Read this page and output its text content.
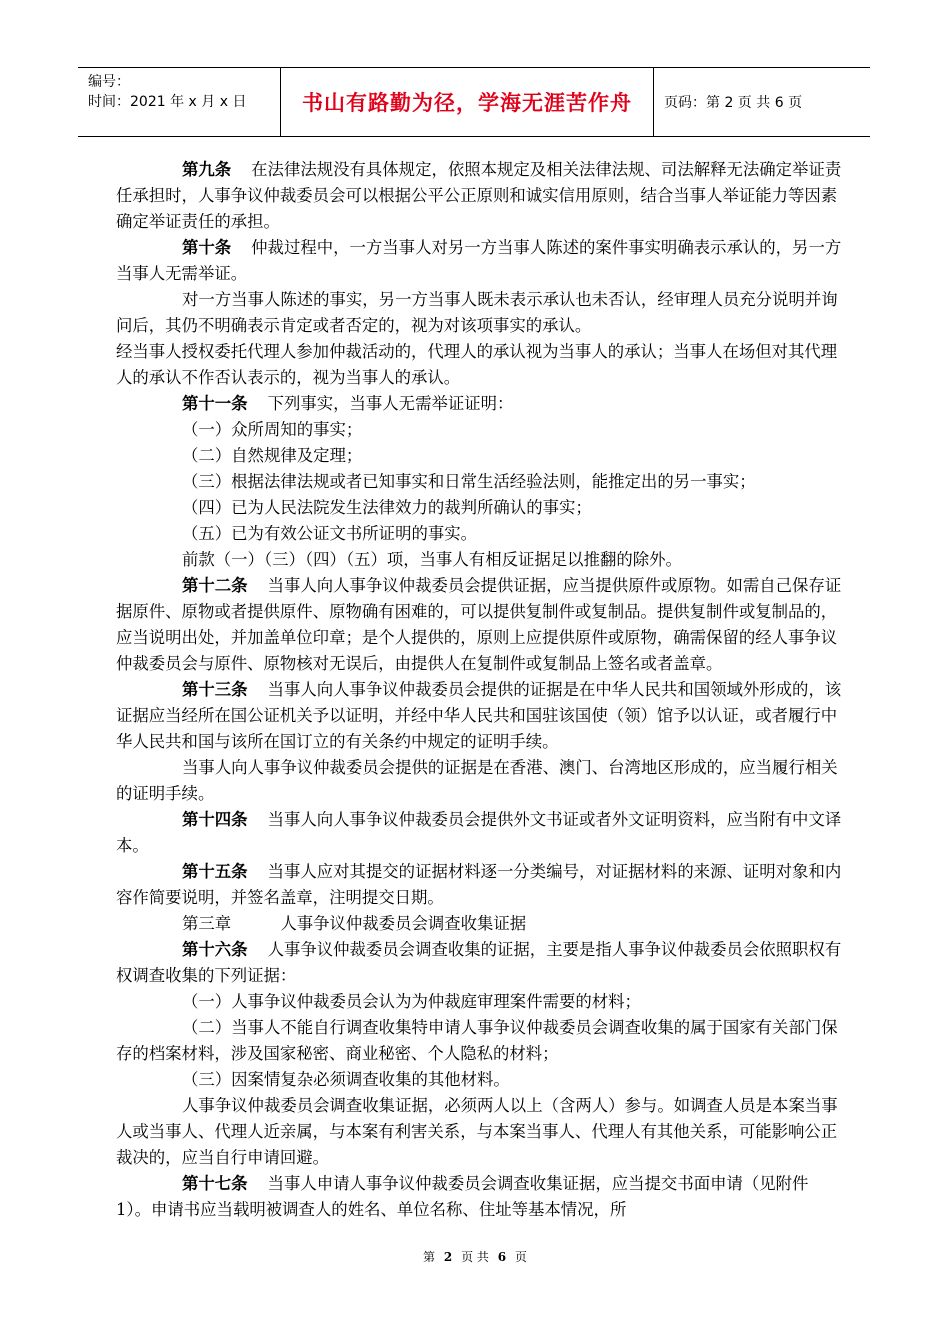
编号：
时间：2021 年 x 月 x 日	书山有路勤为径，学海无涯苦作舟	页码：第 2 页 共 6 页

第九条 在法律法规没有具体规定，依照本规定及相关法律法规、司法解释无法确定举证责任承担时，人事争议仲裁委员会可以根据公平公正原则和诚实信用原则，结合当事人举证能力等因素确定举证责任的承担。

第十条 仲裁过程中，一方当事人对另一方当事人陈述的案件事实明确表示承认的，另一方当事人无需举证。

对一方当事人陈述的事实，另一方当事人既未表示承认也未否认，经审理人员充分说明并询问后，其仍不明确表示肯定或者否定的，视为对该项事实的承认。

经当事人授权委托代理人参加仲裁活动的，代理人的承认视为当事人的承认；当事人在场但对其代理人的承认不作否认表示的，视为当事人的承认。

第十一条 下列事实，当事人无需举证证明：

（一）众所周知的事实；

（二）自然规律及定理；

（三）根据法律法规或者已知事实和日常生活经验法则，能推定出的另一事实；

（四）已为人民法院发生法律效力的裁判所确认的事实；

（五）已为有效公证文书所证明的事实。

前款（一）（三）（四）（五）项，当事人有相反证据足以推翻的除外。

第十二条 当事人向人事争议仲裁委员会提供证据，应当提供原件或原物。如需自己保存证据原件、原物或者提供原件、原物确有困难的，可以提供复制件或复制品。提供复制件或复制品的，应当说明出处，并加盖单位印章；是个人提供的，原则上应提供原件或原物，确需保留的经人事争议仲裁委员会与原件、原物核对无误后，由提供人在复制件或复制品上签名或者盖章。

第十三条 当事人向人事争议仲裁委员会提供的证据是在中华人民共和国领域外形成的，该证据应当经所在国公证机关予以证明，并经中华人民共和国驻该国使（领）馆予以认证，或者履行中华人民共和国与该所在国订立的有关条约中规定的证明手续。

当事人向人事争议仲裁委员会提供的证据是在香港、澳门、台湾地区形成的，应当履行相关的证明手续。

第十四条 当事人向人事争议仲裁委员会提供外文书证或者外文证明资料，应当附有中文译本。

第十五条 当事人应对其提交的证据材料逐一分类编号，对证据材料的来源、证明对象和内容作简要说明，并签名盖章，注明提交日期。

第三章　　　人事争议仲裁委员会调查收集证据

第十六条 人事争议仲裁委员会调查收集的证据，主要是指人事争议仲裁委员会依照职权有权调查收集的下列证据：

（一）人事争议仲裁委员会认为为仲裁庭审理案件需要的材料；

（二）当事人不能自行调查收集特申请人事争议仲裁委员会调查收集的属于国家有关部门保存的档案材料，涉及国家秘密、商业秘密、个人隐私的材料；

（三）因案情复杂必须调查收集的其他材料。

人事争议仲裁委员会调查收集证据，必须两人以上（含两人）参与。如调查人员是本案当事人或当事人、代理人近亲属，与本案有利害关系，与本案当事人、代理人有其他关系，可能影响公正裁决的，应当自行申请回避。

第十七条 当事人申请人事争议仲裁委员会调查收集证据，应当提交书面申请（见附件 1）。申请书应当载明被调查人的姓名、单位名称、住址等基本情况，所

第 2 页 共 6 页
